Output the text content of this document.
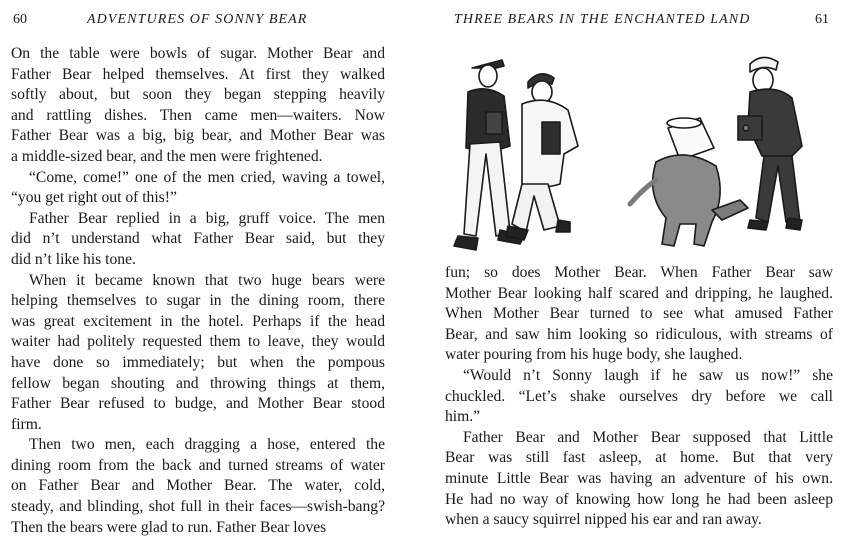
60	ADVENTURES OF SONNY BEAR

On the table were bowls of sugar. Mother Bear and
Father Bear helped themselves. At first they walked
softly about, but soon they began stepping heavily
and rattling dishes. Then came men—waiters. Now
Father Bear was a big, big bear, and Mother Bear was
a middle-sized bear, and the men were frightened.

“Come, come!” one of the men cried, waving a towel,
“you get right out of this!”

Father Bear replied in a big, gruff voice. The men
did n’t understand what Father Bear said, but they
did n’t like his tone.

When it became known that two huge bears were
helping themselves to sugar in the dining room, there
was great excitement in the hotel. Perhaps if the head
waiter had politely requested them to leave, they would
have done so immediately; but when the pompous
fellow began shouting and throwing things at them,
Father Bear refused to budge, and Mother Bear stood
firm.

Then two men, each dragging a hose, entered the
dining room from the back and turned streams of water
on Father Bear and Mother Bear. The water, cold,
steady, and blinding, shot full in their faces—swish-bang?
Then the bears were glad to run. Father Bear loves

THREE BEARS IN THE ENCHANTED LAND	61

fun; so does Mother Bear. When Father Bear saw
Mother Bear looking half scared and dripping, he laughed.
When Mother Bear turned to see what amused Father
Bear, and saw him looking so ridiculous, with streams of
water pouring from his huge body, she laughed.

“Would n’t Sonny laugh if he saw us now!” she
chuckled. “Let’s shake ourselves dry before we call
him.”

Father Bear and Mother Bear supposed that Little
Bear was still fast asleep, at home. But that very
minute Little Bear was having an adventure of his own.
He had no way of knowing how long he had been asleep
when a saucy squirrel nipped his ear and ran away.
